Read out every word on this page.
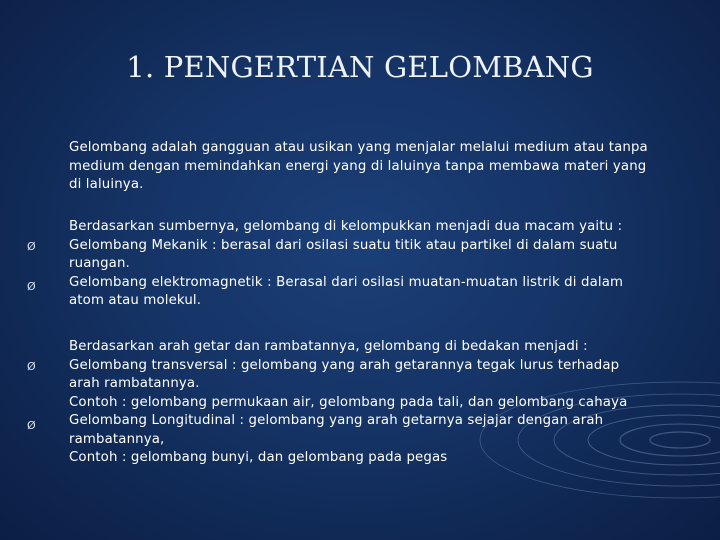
1. PENGERTIAN GELOMBANG
Gelombang adalah gangguan atau usikan yang menjalar melalui medium atau tanpa
medium dengan memindahkan energi yang di laluinya tanpa membawa materi yang
di laluinya.
Berdasarkan sumbernya, gelombang di kelompukkan menjadi dua macam yaitu :
Gelombang Mekanik : berasal dari osilasi suatu titik atau partikel di dalam suatu
ruangan.
Gelombang elektromagnetik : Berasal dari osilasi muatan-muatan listrik di dalam
atom atau molekul.
Ø
Ø
Berdasarkan arah getar dan rambatannya, gelombang di bedakan menjadi :
Gelombang transversal : gelombang yang arah getarannya tegak lurus terhadap
arah rambatannya.
Contoh : gelombang permukaan air, gelombang pada tali, dan gelombang cahaya
Gelombang Longitudinal : gelombang yang arah getarnya sejajar dengan arah
rambatannya,
Contoh : gelombang bunyi, dan gelombang pada pegas
Ø
Ø
